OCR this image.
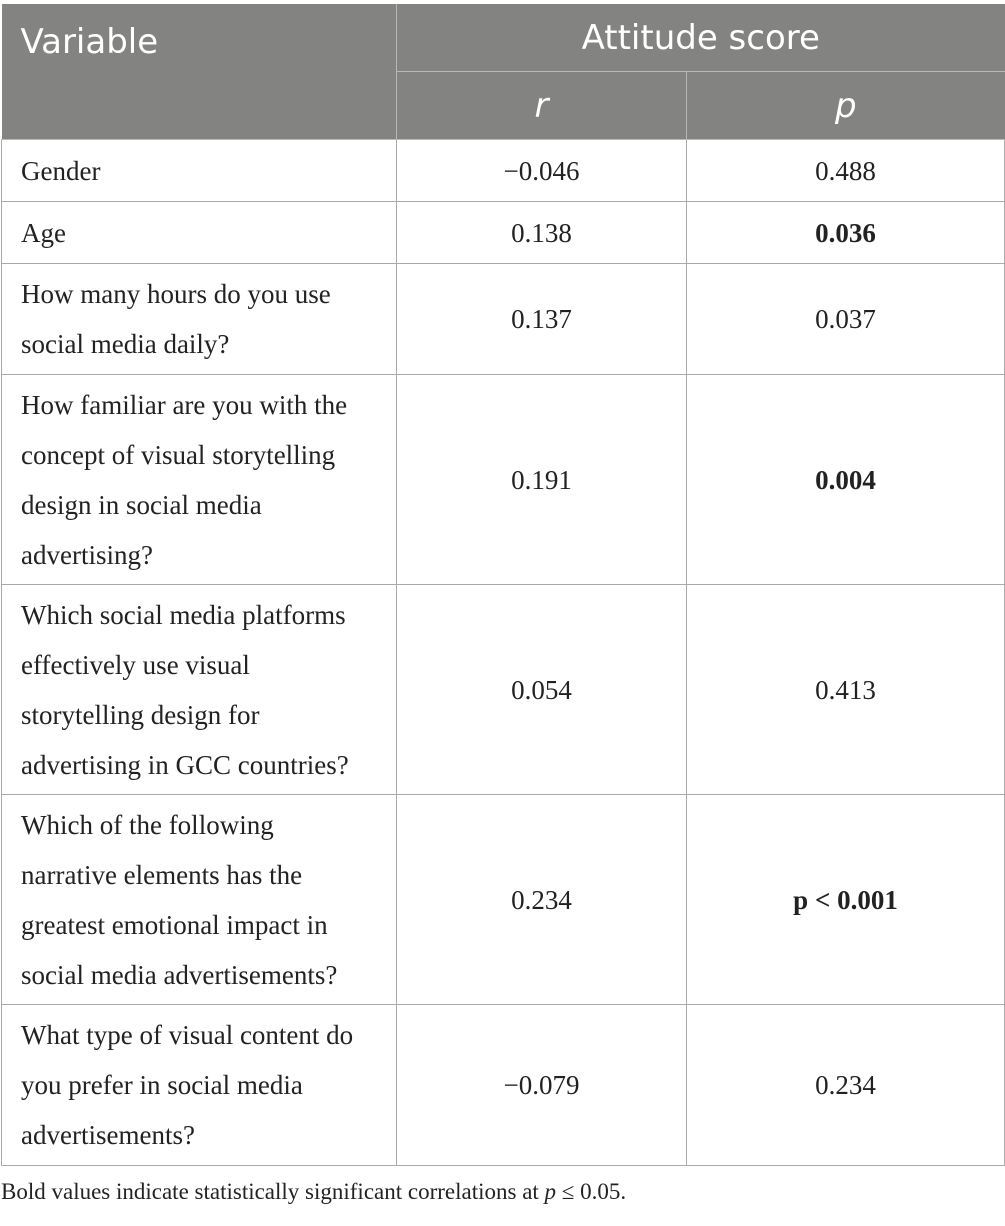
Variable	Attitude score	
	r	p
Gender	−0.046	0.488
Age	0.138	0.036
How many hours do you use social media daily?	0.137	0.037
How familiar are you with the concept of visual storytelling design in social media advertising?	0.191	0.004
Which social media platforms effectively use visual storytelling design for advertising in GCC countries?	0.054	0.413
Which of the following narrative elements has the greatest emotional impact in social media advertisements?	0.234	p < 0.001
What type of visual content do you prefer in social media advertisements?	−0.079	0.234
Bold values indicate statistically significant correlations at p ≤ 0.05.
